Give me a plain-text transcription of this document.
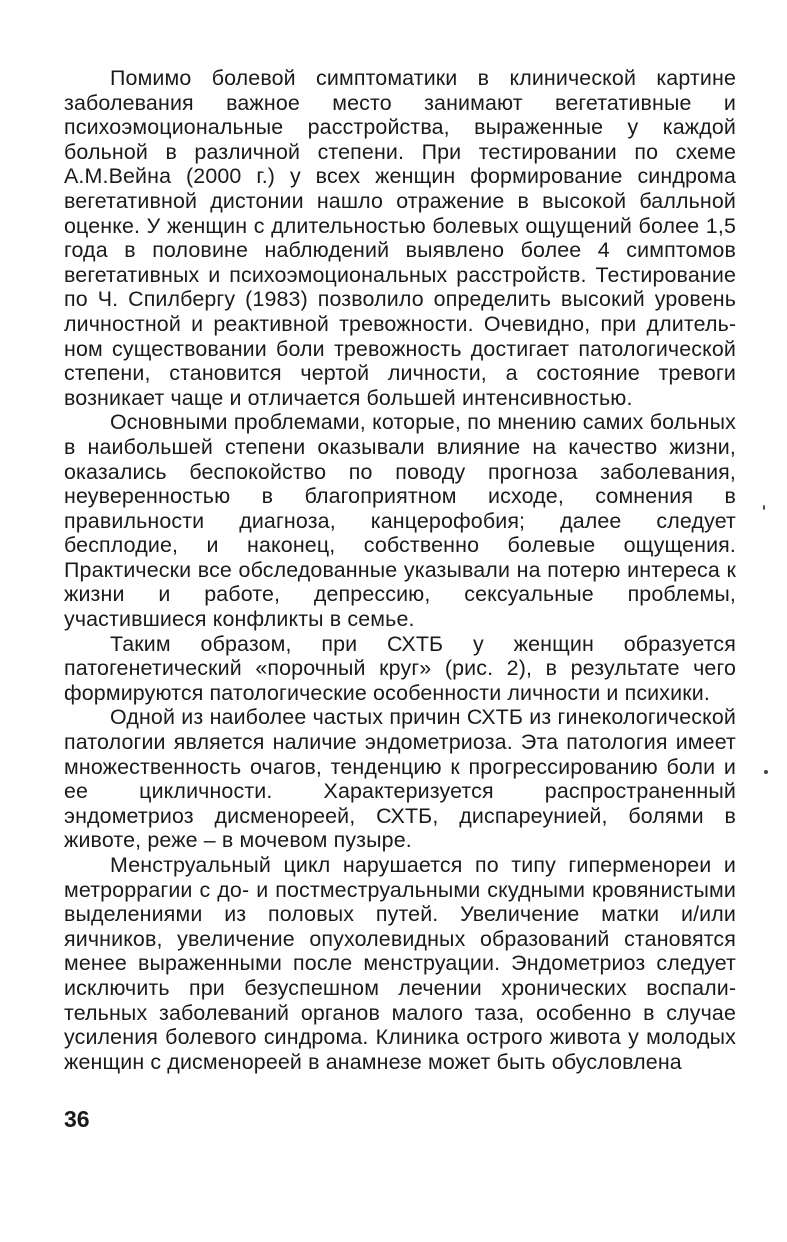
Помимо болевой симптоматики в клинической картине заболевания важное место занимают вегетативные и психоэмоциональные расстройства, выраженные у каждой больной в различной степени. При тестировании по схеме А.М.Вейна (2000 г.) у всех женщин формирование синдрома вегетативной дистонии нашло отражение в высокой балльной оценке. У женщин с длительностью болевых ощущений более 1,5 года в половине наблюдений выявлено более 4 симптомов вегетативных и психоэмоциональных расстройств. Тестирование по Ч. Спилбергу (1983) позволило определить высокий уровень личностной и реактивной тревожности. Очевидно, при длительном существовании боли тревожность достигает патологической степени, становится чертой личности, а состояние тревоги возникает чаще и отличается большей интенсивностью.

Основными проблемами, которые, по мнению самих больных в наибольшей степени оказывали влияние на качество жизни, оказались беспокойство по поводу прогноза заболевания, неуверенностью в благоприятном исходе, сомнения в правильности диагноза, канцерофобия; далее следует бесплодие, и наконец, собственно болевые ощущения. Практически все обследованные указывали на потерю интереса к жизни и работе, депрессию, сексуальные проблемы, участившиеся конфликты в семье.

Таким образом, при СХТБ у женщин образуется патогенетический «порочный круг» (рис. 2), в результате чего формируются патологические особенности личности и психики.

Одной из наиболее частых причин СХТБ из гинекологической патологии является наличие эндометриоза. Эта патология имеет множественность очагов, тенденцию к прогрессированию боли и ее цикличности. Характеризуется распространенный эндометриоз дисменореей, СХТБ, диспареунией, болями в животе, реже – в мочевом пузыре.

Менструальный цикл нарушается по типу гиперменореи и метроррагии с до- и постместруальными скудными кровянистыми выделениями из половых путей. Увеличение матки и/или яичников, увеличение опухолевидных образований становятся менее выраженными после менструации. Эндометриоз следует исключить при безуспешном лечении хронических воспалительных заболеваний органов малого таза, особенно в случае усиления болевого синдрома. Клиника острого живота у молодых женщин с дисменореей в анамнезе может быть обусловлена

36
